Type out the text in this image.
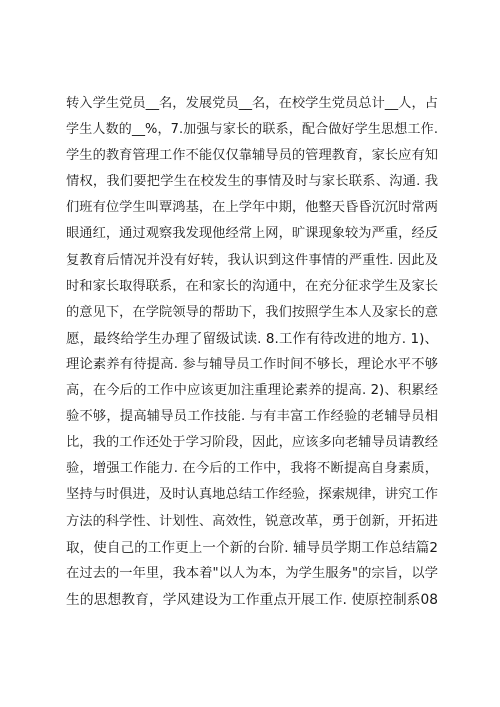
转入学生党员__名，发展党员__名，在校学生党员总计__人，占
学生人数的__%，7.加强与家长的联系，配合做好学生思想工作.
学生的教育管理工作不能仅仅靠辅导员的管理教育，家长应有知
情权，我们要把学生在校发生的事情及时与家长联系、沟通. 我
们班有位学生叫覃鸿基，在上学年中期，他整天昏昏沉沉时常两
眼通红，通过观察我发现他经常上网，旷课现象较为严重，经反
复教育后情况并没有好转，我认识到这件事情的严重性. 因此及
时和家长取得联系，在和家长的沟通中，在充分征求学生及家长
的意见下，在学院领导的帮助下，我们按照学生本人及家长的意
愿，最终给学生办理了留级试读. 8.工作有待改进的地方. 1)、
理论素养有待提高. 参与辅导员工作时间不够长，理论水平不够
高，在今后的工作中应该更加注重理论素养的提高. 2)、积累经
验不够，提高辅导员工作技能. 与有丰富工作经验的老辅导员相
比，我的工作还处于学习阶段，因此，应该多向老辅导员请教经
验，增强工作能力. 在今后的工作中，我将不断提高自身素质，
坚持与时俱进，及时认真地总结工作经验，探索规律，讲究工作
方法的科学性、计划性、高效性，锐意改革，勇于创新，开拓进
取，使自己的工作更上一个新的台阶. 辅导员学期工作总结篇2
在过去的一年里，我本着"以人为本，为学生服务"的宗旨，以学
生的思想教育，学风建设为工作重点开展工作. 使原控制系08
